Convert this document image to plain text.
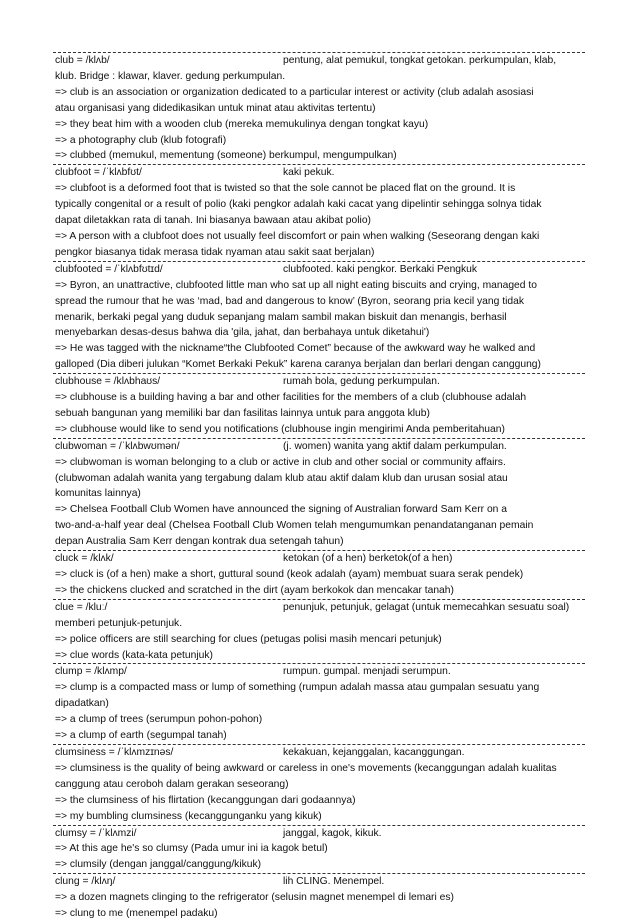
club = /klʌb/	pentung, alat pemukul, tongkat getokan. perkumpulan, klab,
klub. Bridge : klawar, klaver. gedung perkumpulan.
=> club is an association or organization dedicated to a particular interest or activity (club adalah asosiasi
atau organisasi yang didedikasikan untuk minat atau aktivitas tertentu)
=> they beat him with a wooden club (mereka memukulinya dengan tongkat kayu)
=> a photography club (klub fotografi)
=> clubbed (memukul, mementung (someone) berkumpul, mengumpulkan)
clubfoot = /ˈklʌbfʊt/	kaki pekuk.
=> clubfoot is a deformed foot that is twisted so that the sole cannot be placed flat on the ground. It is
typically congenital or a result of polio (kaki pengkor adalah kaki cacat yang dipelintir sehingga solnya tidak
dapat diletakkan rata di tanah. Ini biasanya bawaan atau akibat polio)
=> A person with a clubfoot does not usually feel discomfort or pain when walking (Seseorang dengan kaki
pengkor biasanya tidak merasa tidak nyaman atau sakit saat berjalan)
clubfooted = /ˈklʌbfʊtɪd/	clubfooted. kaki pengkor. Berkaki Pengkuk
=> Byron, an unattractive, clubfooted little man who sat up all night eating biscuits and crying, managed to
spread the rumour that he was ‘mad, bad and dangerous to know’ (Byron, seorang pria kecil yang tidak
menarik, berkaki pegal yang duduk sepanjang malam sambil makan biskuit dan menangis, berhasil
menyebarkan desas-desus bahwa dia 'gila, jahat, dan berbahaya untuk diketahui')
=> He was tagged with the nickname“the Clubfooted Comet” because of the awkward way he walked and
galloped (Dia diberi julukan “Komet Berkaki Pekuk” karena caranya berjalan dan berlari dengan canggung)
clubhouse = /klʌbhaʊs/	rumah bola, gedung perkumpulan.
=> clubhouse is a building having a bar and other facilities for the members of a club (clubhouse adalah
sebuah bangunan yang memiliki bar dan fasilitas lainnya untuk para anggota klub)
=> clubhouse would like to send you notifications (clubhouse ingin mengirimi Anda pemberitahuan)
clubwoman = /ˈklʌbwʊmən/	(j. women) wanita yang aktif dalam perkumpulan.
=> clubwoman is woman belonging to a club or active in club and other social or community affairs.
(clubwoman adalah wanita yang tergabung dalam klub atau aktif dalam klub dan urusan sosial atau
komunitas lainnya)
=> Chelsea Football Club Women have announced the signing of Australian forward Sam Kerr on a
two-and-a-half year deal (Chelsea Football Club Women telah mengumumkan penandatanganan pemain
depan Australia Sam Kerr dengan kontrak dua setengah tahun)
cluck = /klʌk/	ketokan (of a hen) berketok(of a hen)
=> cluck is (of a hen) make a short, guttural sound (keok adalah (ayam) membuat suara serak pendek)
=> the chickens clucked and scratched in the dirt (ayam berkokok dan mencakar tanah)
clue = /kluː/	penunjuk, petunjuk, gelagat (untuk memecahkan sesuatu soal)
memberi petunjuk-petunjuk.
=> police officers are still searching for clues (petugas polisi masih mencari petunjuk)
=> clue words (kata-kata petunjuk)
clump = /klʌmp/	rumpun. gumpal. menjadi serumpun.
=> clump is a compacted mass or lump of something (rumpun adalah massa atau gumpalan sesuatu yang
dipadatkan)
=> a clump of trees (serumpun pohon-pohon)
=> a clump of earth (segumpal tanah)
clumsiness = /ˈklʌmzɪnəs/	kekakuan, kejanggalan, kacanggungan.
=> clumsiness is the quality of being awkward or careless in one's movements (kecanggungan adalah kualitas
canggung atau ceroboh dalam gerakan seseorang)
=> the clumsiness of his flirtation (kecanggungan dari godaannya)
=> my bumbling clumsiness (kecanggunganku yang kikuk)
clumsy = /ˈklʌmzi/	janggal, kagok, kikuk.
=> At this age he's so clumsy (Pada umur ini ia kagok betul)
=> clumsily (dengan janggal/canggung/kikuk)
clung = /klʌŋ/	lih CLING. Menempel.
=> a dozen magnets clinging to the refrigerator (selusin magnet menempel di lemari es)
=> clung to me (menempel padaku)
